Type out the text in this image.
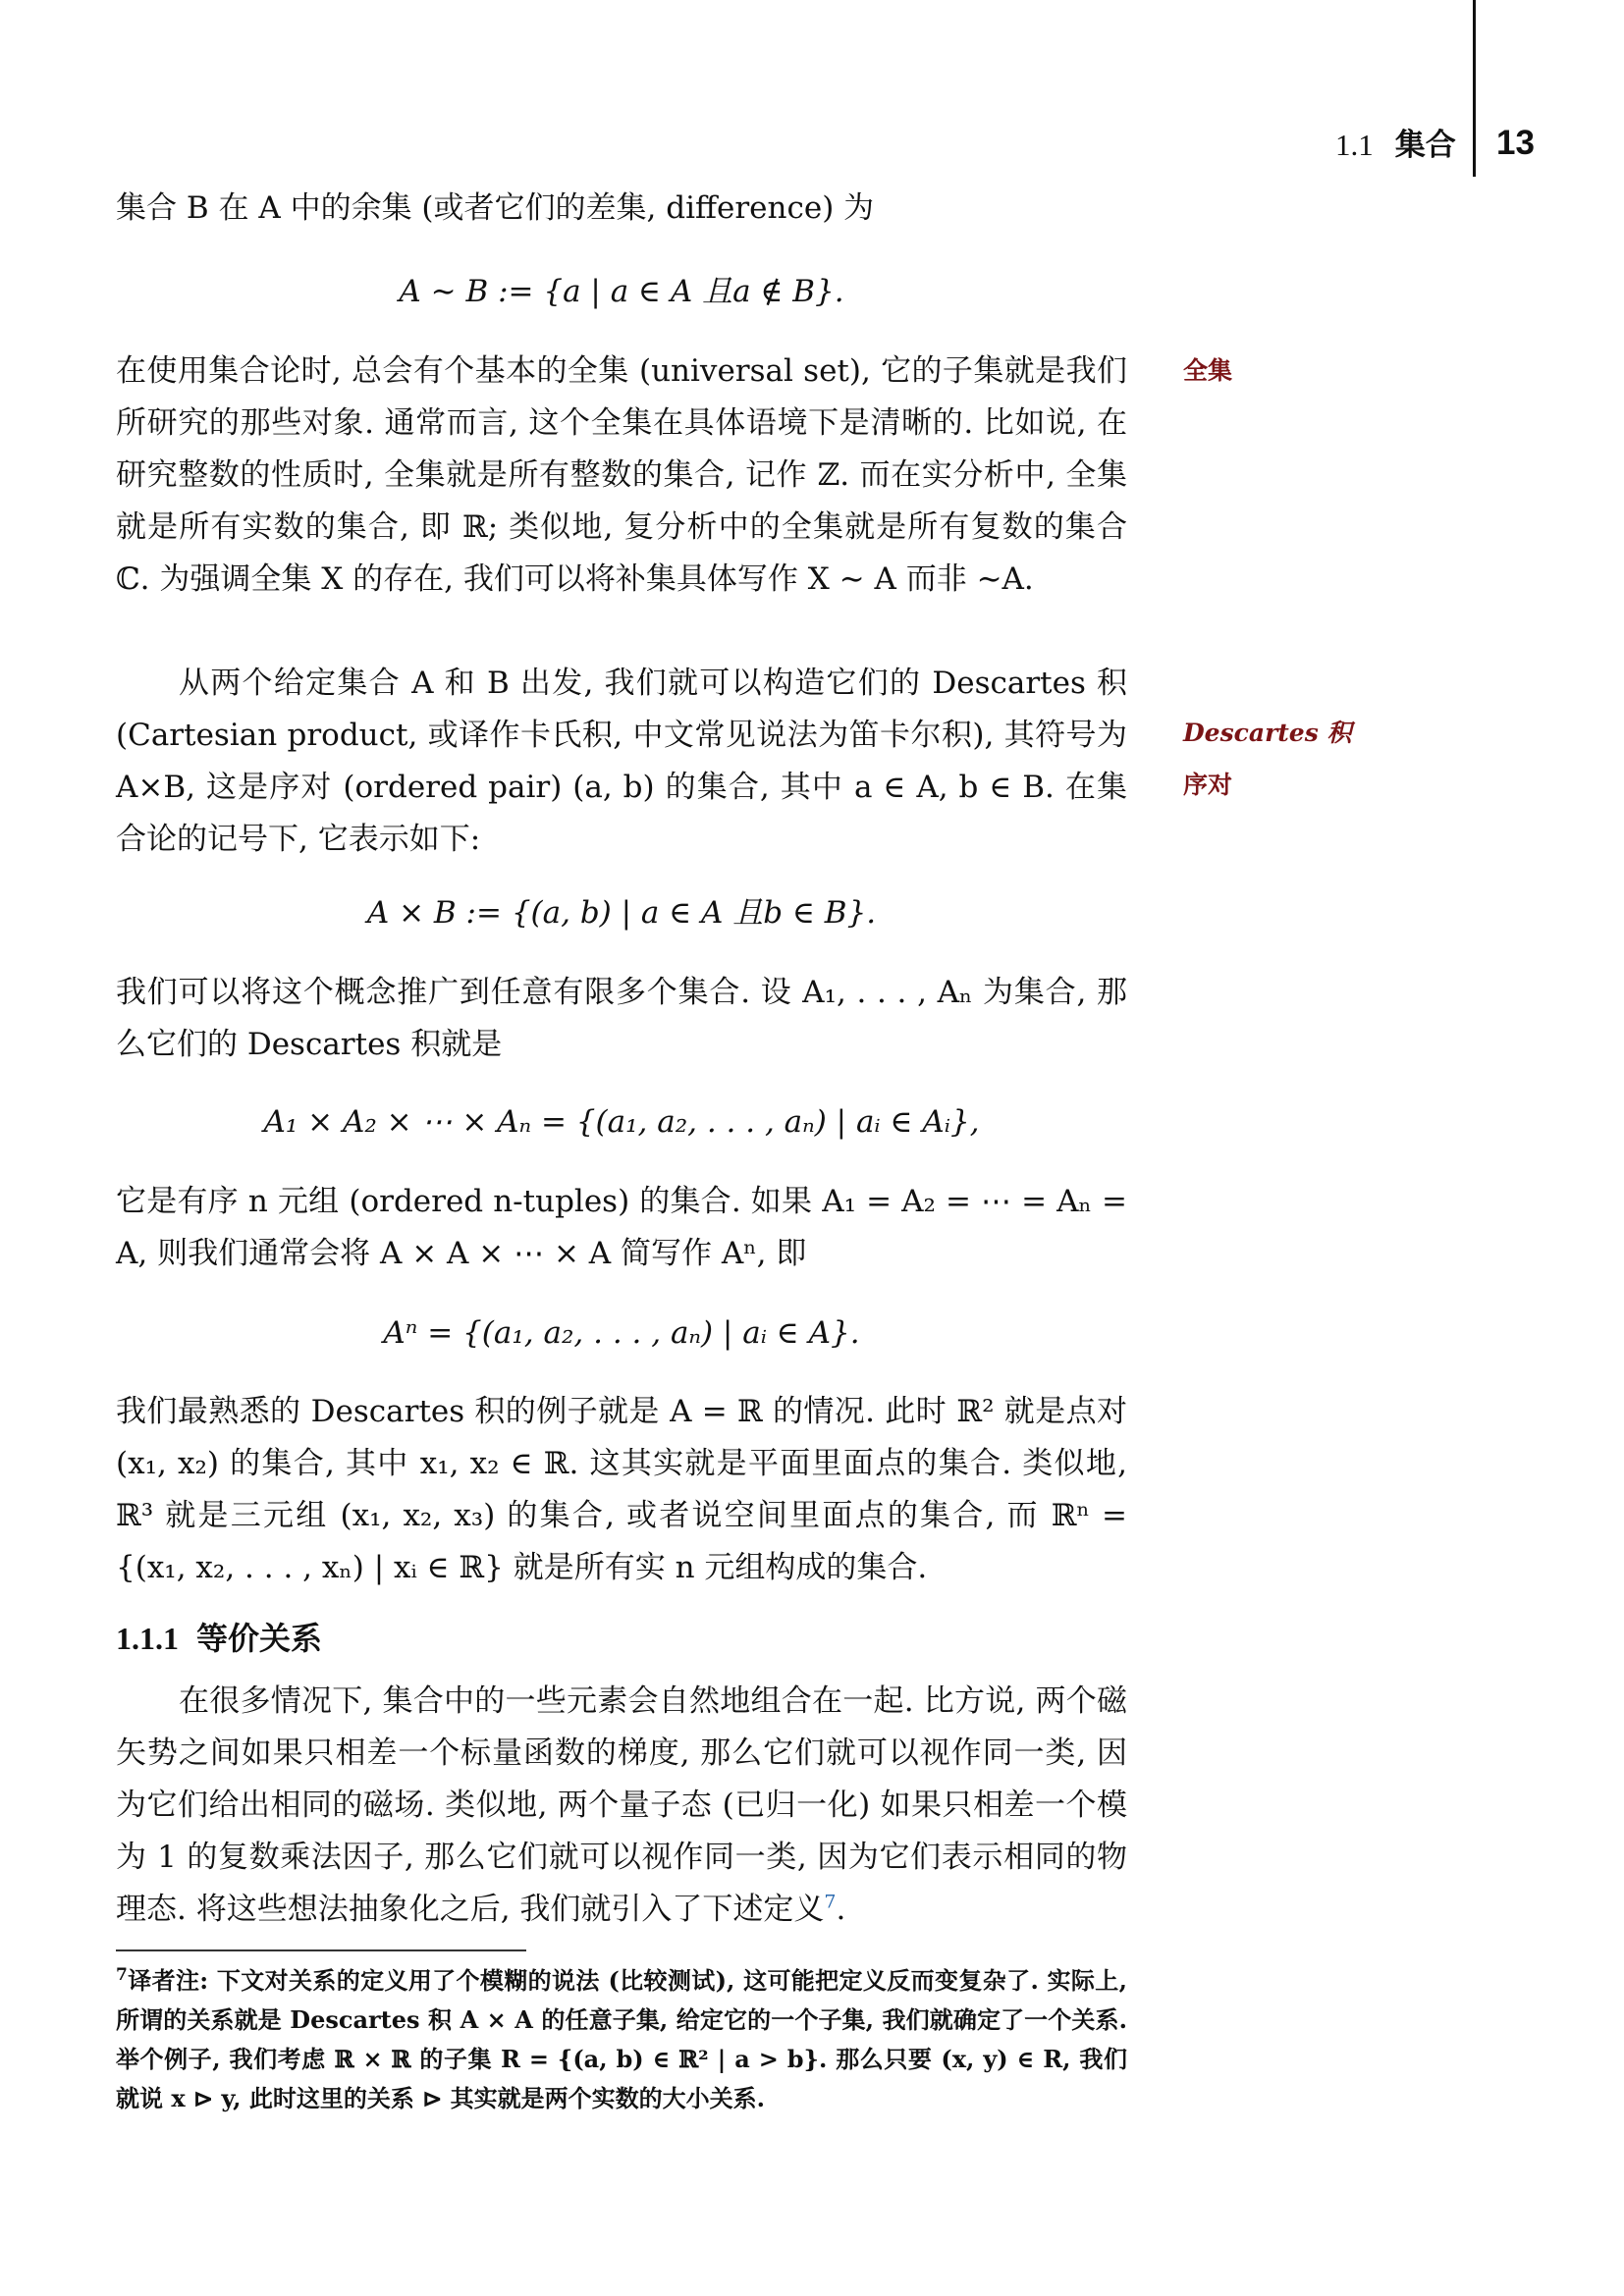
1.1 集合 13

集合 B 在 A 中的余集 (或者它们的差集, difference) 为

A ∼ B := {a | a ∈ A 且a ∉ B}.

在使用集合论时, 总会有个基本的全集 (universal set), 它的子集就是我们所研究的那些对象. 通常而言, 这个全集在具体语境下是清晰的. 比如说, 在研究整数的性质时, 全集就是所有整数的集合, 记作 ℤ. 而在实分析中, 全集就是所有实数的集合, 即 ℝ; 类似地, 复分析中的全集就是所有复数的集合 ℂ. 为强调全集 X 的存在, 我们可以将补集具体写作 X ∼ A 而非 ∼A.

全集

从两个给定集合 A 和 B 出发, 我们就可以构造它们的 Descartes 积 (Cartesian product, 或译作卡氏积, 中文常见说法为笛卡尔积), 其符号为 A×B, 这是序对 (ordered pair) (a, b) 的集合, 其中 a ∈ A, b ∈ B. 在集合论的记号下, 它表示如下:

Descartes 积
序对
A × B := {(a, b) | a ∈ A 且b ∈ B}.

我们可以将这个概念推广到任意有限多个集合. 设 A₁, . . . , Aₙ 为集合, 那么它们的 Descartes 积就是

A₁ × A₂ × ⋯ × Aₙ = {(a₁, a₂, . . . , aₙ) | aᵢ ∈ Aᵢ},

它是有序 n 元组 (ordered n-tuples) 的集合. 如果 A₁ = A₂ = ⋯ = Aₙ = A, 则我们通常会将 A × A × ⋯ × A 简写作 Aⁿ, 即

Aⁿ = {(a₁, a₂, . . . , aₙ) | aᵢ ∈ A}.

我们最熟悉的 Descartes 积的例子就是 A = ℝ 的情况. 此时 ℝ² 就是点对 (x₁, x₂) 的集合, 其中 x₁, x₂ ∈ ℝ. 这其实就是平面里面点的集合. 类似地, ℝ³ 就是三元组 (x₁, x₂, x₃) 的集合, 或者说空间里面点的集合, 而 ℝⁿ = {(x₁, x₂, . . . , xₙ) | xᵢ ∈ ℝ} 就是所有实 n 元组构成的集合.

1.1.1 等价关系

在很多情况下, 集合中的一些元素会自然地组合在一起. 比方说, 两个磁矢势之间如果只相差一个标量函数的梯度, 那么它们就可以视作同一类, 因为它们给出相同的磁场. 类似地, 两个量子态 (已归一化) 如果只相差一个模为 1 的复数乘法因子, 那么它们就可以视作同一类, 因为它们表示相同的物理态. 将这些想法抽象化之后, 我们就引入了下述定义$^7$.

$^7$译者注: 下文对关系的定义用了个模糊的说法 (比较测试), 这可能把定义反而变复杂了. 实际上, 所谓的关系就是 Descartes 积 A × A 的任意子集, 给定它的一个子集, 我们就确定了一个关系. 举个例子, 我们考虑 ℝ × ℝ 的子集 R = {(a, b) ∈ ℝ² | a > b}. 那么只要 (x, y) ∈ R, 我们就说 x ⊳ y, 此时这里的关系 ⊳ 其实就是两个实数的大小关系.
